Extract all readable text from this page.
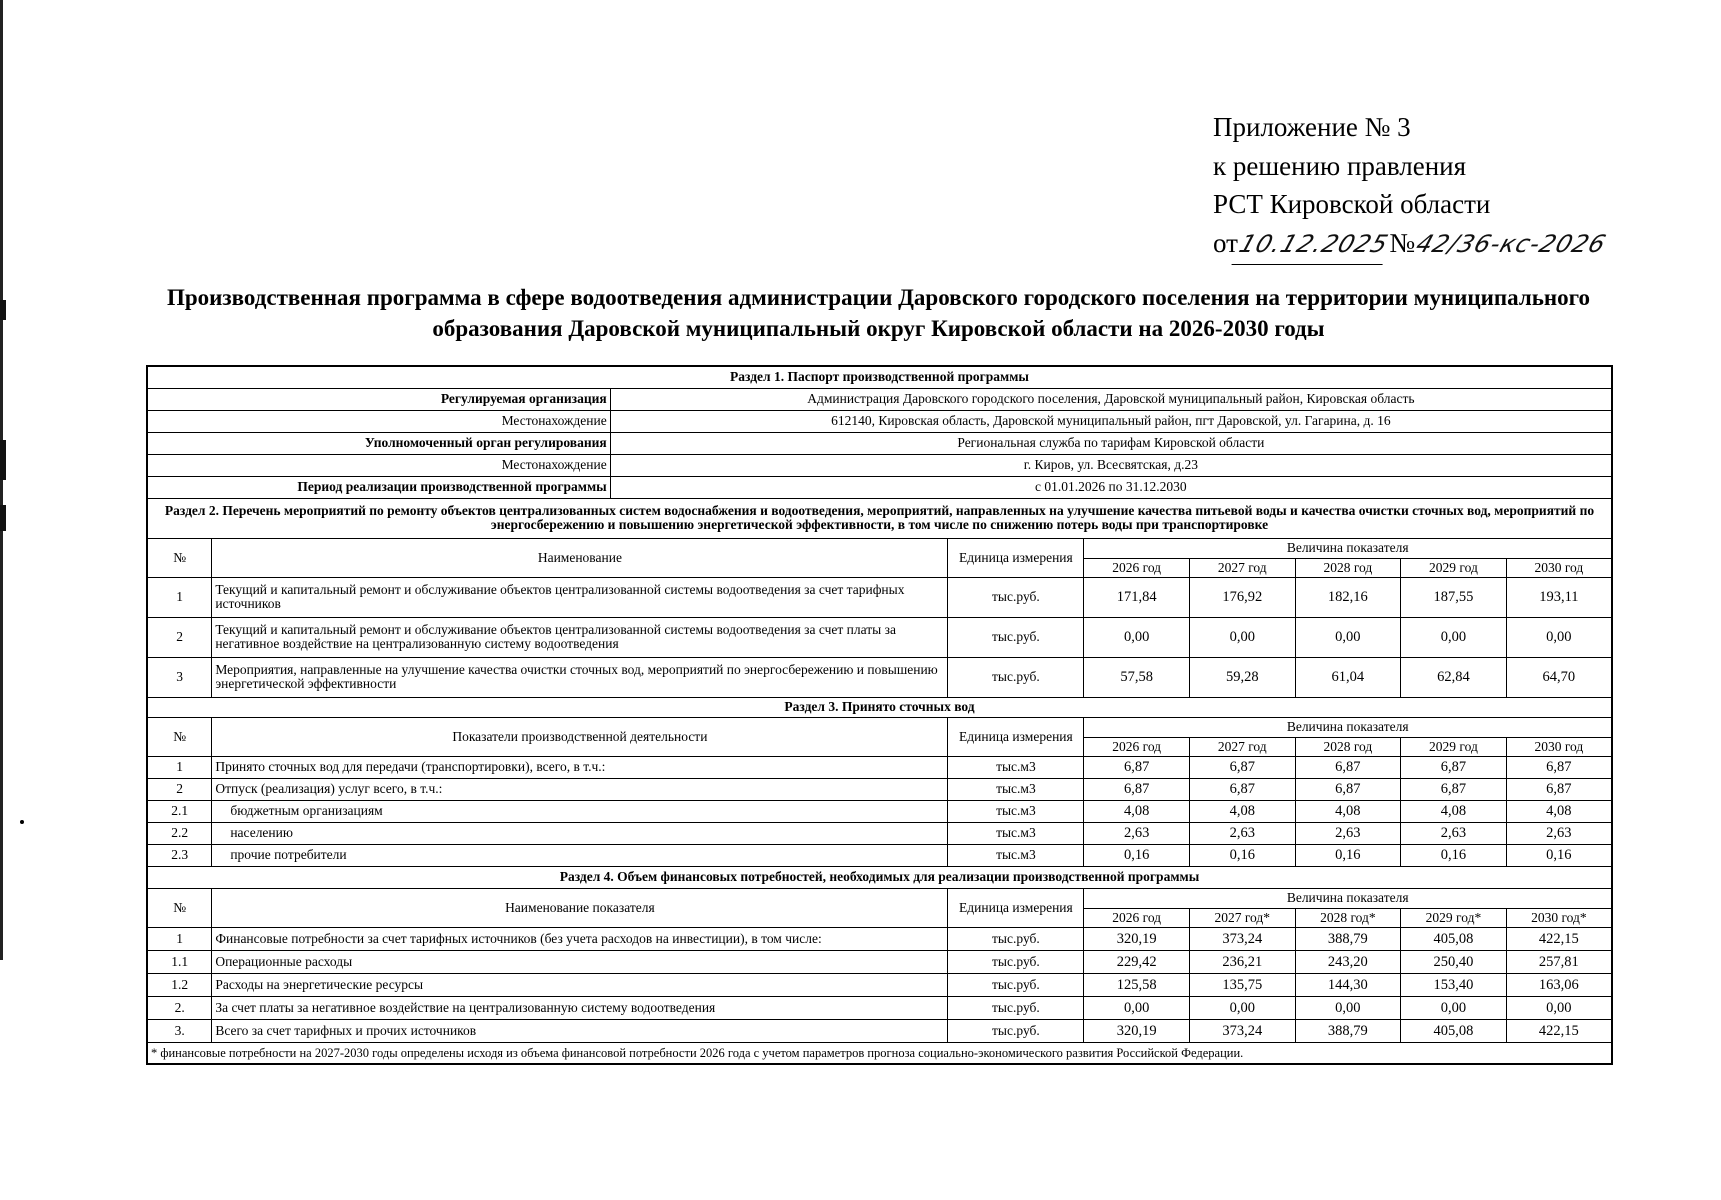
Приложение № 3
к решению правления
РСТ Кировской области
от10.12.2025№42/36-кс-2026
Производственная программа в сфере водоотведения администрации Даровского городского поселения на территории муниципального образования Даровской муниципальный округ Кировской области на 2026-2030 годы
Раздел 1. Паспорт производственной программы								
Регулируемая организация		Администрация Даровского городского поселения, Даровской муниципальный район, Кировская область						
Местонахождение		612140, Кировская область, Даровской муниципальный район, пгт Даровской, ул. Гагарина, д. 16						
Уполномоченный орган регулирования		Региональная служба по тарифам Кировской области						
Местонахождение		г. Киров, ул. Всесвятская, д.23						
Период реализации производственной программы		с 01.01.2026 по 31.12.2030						
Раздел 2. Перечень мероприятий по ремонту объектов централизованных систем водоснабжения и водоотведения, мероприятий, направленных на улучшение качества питьевой воды и качества очистки сточных вод, мероприятий по энергосбережению и повышению энергетической эффективности, в том числе по снижению потерь воды при транспортировке								
№	Наименование		Единица измерения	Величина показателя				
				2026 год	2027 год	2028 год	2029 год	2030 год
1	Текущий и капитальный ремонт и обслуживание объектов централизованной системы водоотведения за счет тарифных источников		тыс.руб.	171,84	176,92	182,16	187,55	193,11
2	Текущий и капитальный ремонт и обслуживание объектов централизованной системы водоотведения за счет платы за негативное воздействие на централизованную систему водоотведения		тыс.руб.	0,00	0,00	0,00	0,00	0,00
3	Мероприятия, направленные на улучшение качества очистки сточных вод, мероприятий по энергосбережению и повышению энергетической эффективности		тыс.руб.	57,58	59,28	61,04	62,84	64,70
Раздел 3. Принято сточных вод								
№	Показатели производственной деятельности		Единица измерения	Величина показателя				
				2026 год	2027 год	2028 год	2029 год	2030 год
1	Принято сточных вод для передачи (транспортировки), всего, в т.ч.:		тыс.м3	6,87	6,87	6,87	6,87	6,87
2	Отпуск (реализация) услуг всего, в т.ч.:		тыс.м3	6,87	6,87	6,87	6,87	6,87
2.1	бюджетным организациям		тыс.м3	4,08	4,08	4,08	4,08	4,08
2.2	населению		тыс.м3	2,63	2,63	2,63	2,63	2,63
2.3	прочие потребители		тыс.м3	0,16	0,16	0,16	0,16	0,16
Раздел 4. Объем финансовых потребностей, необходимых для реализации производственной программы								
№	Наименование показателя		Единица измерения	Величина показателя				
				2026 год	2027 год*	2028 год*	2029 год*	2030 год*
1	Финансовые потребности за счет тарифных источников (без учета расходов на инвестиции), в том числе:		тыс.руб.	320,19	373,24	388,79	405,08	422,15
1.1	Операционные расходы		тыс.руб.	229,42	236,21	243,20	250,40	257,81
1.2	Расходы на энергетические ресурсы		тыс.руб.	125,58	135,75	144,30	153,40	163,06
2.	За счет платы за негативное воздействие на централизованную систему водоотведения		тыс.руб.	0,00	0,00	0,00	0,00	0,00
3.	Всего за счет тарифных и прочих источников		тыс.руб.	320,19	373,24	388,79	405,08	422,15
* финансовые потребности на 2027-2030 годы определены исходя из объема финансовой потребности 2026 года с учетом параметров прогноза социально-экономического развития Российской Федерации.								
